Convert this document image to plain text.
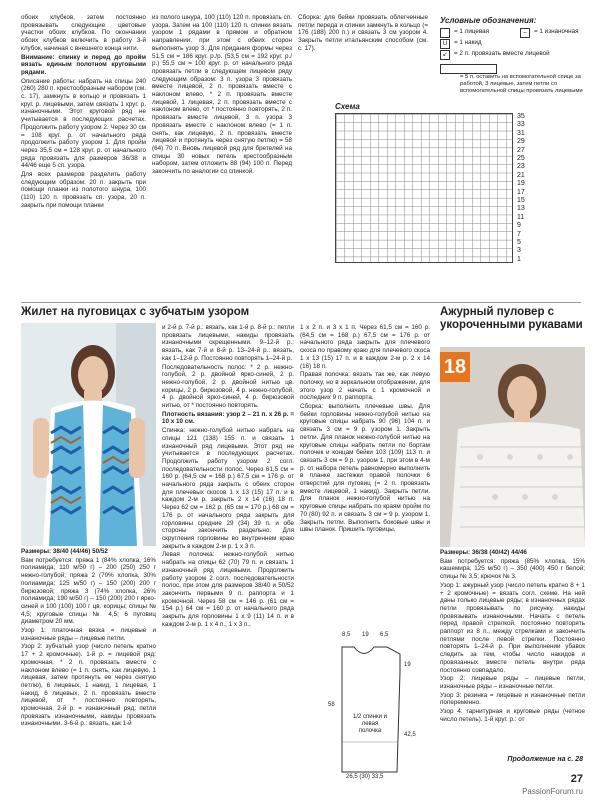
обоих клубков, затем постоянно провязывать следующие цветовые участки обоих клубков. По окончании обоих клубков включить в работу 3-й клубок, начиная с внешнего конца нити.

Внимание: спинку и перед до пройм вязать единым полотном круговыми рядами.

Описание работы: набрать на спицы 240 (260) 280 п. крестообразным набором (см. с. 17), замкнуть в кольцо и провязать 1 круг. р. лицевыми, затем связать 1 круг. р. изнаночными. Этот круговой ряд не учитывается в последующих расчетах. Продолжить работу узором 2. Через 30 см = 108 круг. р. от начального ряда продолжить работу узором 1. Для пройм через 35,5 см = 128 круг. р. от начального ряда провязать для размеров 36/38 и 44/46 еще 5 сп. узора.

Для всех размеров разделить работу следующим образом: 20 п. закрыть при помощи планки из полотого шнура, 100 (110) 120 п. провязать сп. узора, 20 п. закрыть при помощи планки

из полого шнура, 100 (110) 120 п. провязать сп. узора. Затем на 100 (110) 120 п. спинки вязать узором 1 рядами в прямом и обратном направлении, при этом с обеих сторон выполнять узор 3. Для придания формы через 51,5 см = 186 круг. р./р. (53,5 см = 192 круг. р./р.) 55,5 см = 100 круг. р. от начального ряда провязать петли в следующем лицевом ряду следующим образом: 3 п. узора 3 провязать вместе лицевой, 2 п. провязать вместе с наклоном влево, * 2 п. провязать вместе лицевой, 1 лицевая, 2 п. провязать вместе с наклоном влево, от * постоянно повторять, 2 п. провязать вместе лицевой, 3 п. узора 3 провязать вместе с наклоном влево (= 1 п. снять, как лицевую, 2 п. провязать вместе лицевой и протянуть через снятую петлю) = 58 (64) 70 п. Вновь лицевой ряд для бретелей на спицы 30 новых петель крестообразным набором, затем отложить 88 (94) 100 п. Перед закончить по аналогии со спинкой.

Сборка: для бейки провязать облегченные петли переда и спинки замкнуть в кольцо (= 176 (188) 200 п.) и связать 3 см узором 4. Закрыть петли итальянским способом (см. с. 17).

Условные обозначения:
= 1 лицевая	–	= 1 изнаночная
U	= 1 накид
↙	= 2 п. провязать вместе лицевой
= 5 п. оставить на вспомогательной спице за работой, 3 лицевые, затем петли со вспомогательной спицы провязать лицевыми
Схема
35
33
31
29
27
25
23
21
19
17
15
13
11
9
7
5
3
1
Жилет на пуговицах с зубчатым узором

Размеры: 38/40 (44/46) 50/52

Вам потребуется: пряжа 1 (84% хлопка, 16% полиамида; 110 м/50 г) – 200 (250) 250 г нежно-голубой; пряжа 2 (70% хлопка, 30% полиамида; 125 м/50 г) – 150 (200) 200 г бирюзовой; пряжа 3 (74% хлопка, 26% полиамида; 190 м/50 г) – 150 (200) 200 г ярко-синей и 100 (100) 100 г цв. корицы; спицы № 4,5; круговые спицы № 4,5; 6 пуговиц диаметром 20 мм.

Узор 1: платочная вязка = лицевые и изнаночные ряды – лицевые петли.

Узор 2: зубчатый узор (число петель кратно 17 + 2 кромочные). 1-й р. = лицевой ряд: кромочная, * 2 п. провязать вместе с наклоном влево (= 1 п. снять, как лицевую, 1 лицевая, затем протянуть ее через снятую петлю), 6 лицевых, 1 накид, 1 лицевая, 1 накид, 6 лицевых, 2 п. провязать вместе лицевой, от * постоянно повторять, кромочная. 2-й р. = изнаночный ряд: петли провязать изнаночными, накиды провязать изнаночными. 3-6-й р.: вязать, как 1-й

и 2-й р. 7-й р.: вязать, как 1-й р. 8-й р.: петли провязать лицевыми, накиды провязать изнаночными скрещенными. 9–12-й р.: вязать, как 7-й и 8-й р. 13–24-й р.: вязать, как 1–12-й р. Постоянно повторять 1–24-й р.

Последовательность полос: * 2 р. нежно-голубой, 2 р. двойной ярко-синей, 2 р. нежно-голубой, 2 р. двойной нитью цв. корицы, 2 р. бирюзовой, 4 р. нежно-голубой, 4 р. двойной ярко-синей, 4 р. бирюзовой нитью, от * постоянно повторять.

Плотность вязания: узор 2 – 21 п. х 26 р. = 10 х 10 см.

Спинка: нежно-голубой нитью набрать на спицы 121 (138) 155 п. и связать 1 изнаночный ряд лицевыми. Этот ряд не учитывается в последующих расчетах. Продолжить работу узором 2 согл. последовательности полос. Через 61,5 см = 160 р. (64,5 см = 168 р.) 67,5 см = 176 р. от начального ряда закрыть с обеих сторон для плечевых скосов 1 х 13 (15) 17 п. и в каждом 2-м р. закрыть 2 х 14 (16) 18 п. Через 62 см = 162 р. (65 см = 170 р.) 68 см = 176 р. от начального ряда закрыть для горловины средние 29 (34) 39 п. и обе стороны закончить раздельно. Для скругления горловины во внутреннем краю закрыть в каждом 2-м р. 1 х 3 п.

Левая полочка: нежно-голубой нитью набрать на спицы 62 (70) 79 п. и связать 1 изнаночный ряд лицевыми. Продолжить работу узором 2 согл. последовательности полос, при этом для размеров 38/40 и 50/52 закончить первыми 9 п. раппорта и 1 кромочной. Через 58 см = 146 р. (61 см = 154 р.) 64 см = 160 р. от начального ряда закрыть для горловины 1 х 9 (11) 14 п. и в каждом 2-м р. 1 х 4 п., 1 х 3 п.,

1 х 2 п. и 3 х 1 п. Через 61,5 см = 160 р. (64,5 см = 168 р.) 67,5 см = 176 р. от начального ряда закрыть для плечевого скоса по правому краю для плечевого скоса 1 х 13 (15) 17 п. и в каждом 2-м р. 2 х 14 (16) 18 п.

Правая полочка: вязать так же, как левую полочку, но в зеркальном отображении, для этого узор 2 начать с 1 кромочной и последних 9 п. раппорта.

Сборка: выполнить плечевые швы. Для бейки горловины нежно-голубой нитью на круговые спицы набрать 90 (96) 104 п. и связать 3 см = 9 р. узором 1. Закрыть петли. Для планок нежно-голубой нитью на круговые спицы набрать петли по бортам полочек и концам бейки 103 (109) 113 п. и связать 3 см = 9 р. узором 1, при этом в 4-м р. от набора петель равномерно выполнить в планке застежки правой полочки 6 отверстий для пуговиц (= 2 п. провязать вместе лицевой, 1 накид). Закрыть петли. Для планок нежно-голубой нитью на круговые спицы набрать по краям пройм по 70 (80) 92 п. и связать 3 см = 9 р. узором 1. Закрыть петли. Выполнить боковые швы и швы планок. Пришить пуговицы.

1/2 спинки и левая полочка
8,5 19 6,5
19
58
42,5
26,5 (30) 33,5
Ажурный пуловер с укороченными рукавами
18

Размеры: 36/38 (40/42) 44/46

Вам потребуется: пряжа (85% хлопка, 15% кашемира; 125 м/50 г) – 350 (400) 450 г белой; спицы № 3,5; крючок № 3.

Узор 1: ажурный узор (число петель кратно 8 + 1 + 2 кромочные) = вязать согл. схеме. На ней даны только лицевые ряды; в изнаночных рядах петли провязывать по рисунку, накиды провязывать изнаночными. Начать с петель перед правой стрелкой, постоянно повторять раппорт из 8 п., между стрелками и закончить петлями после левой стрелки. Постоянно повторять 1–24-й р. При выполнении убавок следить за тем, чтобы число накидов и провязанных вместе петель внутри ряда постоянно совпадало.

Узор 2: лицевые ряды – лицевые петли, изнаночные ряды – изнаночные петли.

Узор 3: резинка = лицевые и изнаночные петли попеременно.

Узор 4: гарнитурная и круговые ряды (четное число петель). 1-й круг. р.: от

Продолжение на с. 28
27
PassionForum.ru
